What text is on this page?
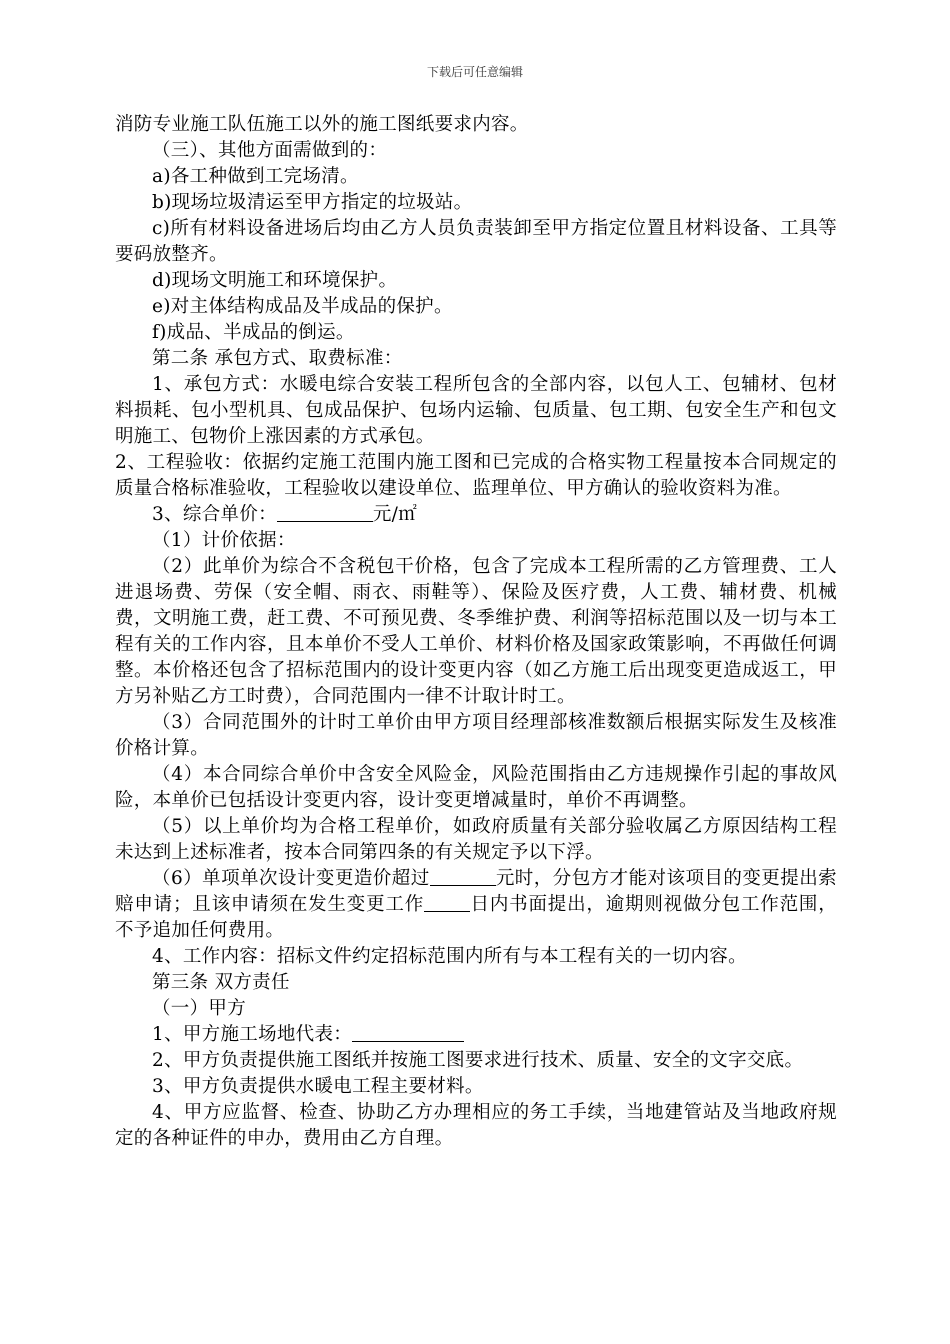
下载后可任意编辑

消防专业施工队伍施工以外的施工图纸要求内容。

（三）、其他方面需做到的：

a)各工种做到工完场清。

b)现场垃圾清运至甲方指定的垃圾站。

c)所有材料设备进场后均由乙方人员负责装卸至甲方指定位置且材料设备、工具等要码放整齐。

d)现场文明施工和环境保护。

e)对主体结构成品及半成品的保护。

f)成品、半成品的倒运。

第二条 承包方式、取费标准：

1、承包方式：水暖电综合安装工程所包含的全部内容，以包人工、包辅材、包材料损耗、包小型机具、包成品保护、包场内运输、包质量、包工期、包安全生产和包文明施工、包物价上涨因素的方式承包。

2、工程验收：依据约定施工范围内施工图和已完成的合格实物工程量按本合同规定的质量合格标准验收，工程验收以建设单位、监理单位、甲方确认的验收资料为准。

3、综合单价：	元/㎡

（1）计价依据：

（2）此单价为综合不含税包干价格，包含了完成本工程所需的乙方管理费、工人进退场费、劳保（安全帽、雨衣、雨鞋等）、保险及医疗费，人工费、辅材费、机械费，文明施工费，赶工费、不可预见费、冬季维护费、利润等招标范围以及一切与本工程有关的工作内容，且本单价不受人工单价、材料价格及国家政策影响，不再做任何调整。本价格还包含了招标范围内的设计变更内容（如乙方施工后出现变更造成返工，甲方另补贴乙方工时费），合同范围内一律不计取计时工。

（3）合同范围外的计时工单价由甲方项目经理部核准数额后根据实际发生及核准价格计算。

（4）本合同综合单价中含安全风险金，风险范围指由乙方违规操作引起的事故风险，本单价已包括设计变更内容，设计变更增减量时，单价不再调整。

（5）以上单价均为合格工程单价，如政府质量有关部分验收属乙方原因结构工程未达到上述标准者，按本合同第四条的有关规定予以下浮。

（6）单项单次设计变更造价超过	元时，分包方才能对该项目的变更提出索赔申请；且该申请须在发生变更工作 日内书面提出，逾期则视做分包工作范围，不予追加任何费用。

4、工作内容：招标文件约定招标范围内所有与本工程有关的一切内容。

第三条 双方责任

（一）甲方

1、甲方施工场地代表：

2、甲方负责提供施工图纸并按施工图要求进行技术、质量、安全的文字交底。

3、甲方负责提供水暖电工程主要材料。

4、甲方应监督、检查、协助乙方办理相应的务工手续，当地建管站及当地政府规定的各种证件的申办，费用由乙方自理。
